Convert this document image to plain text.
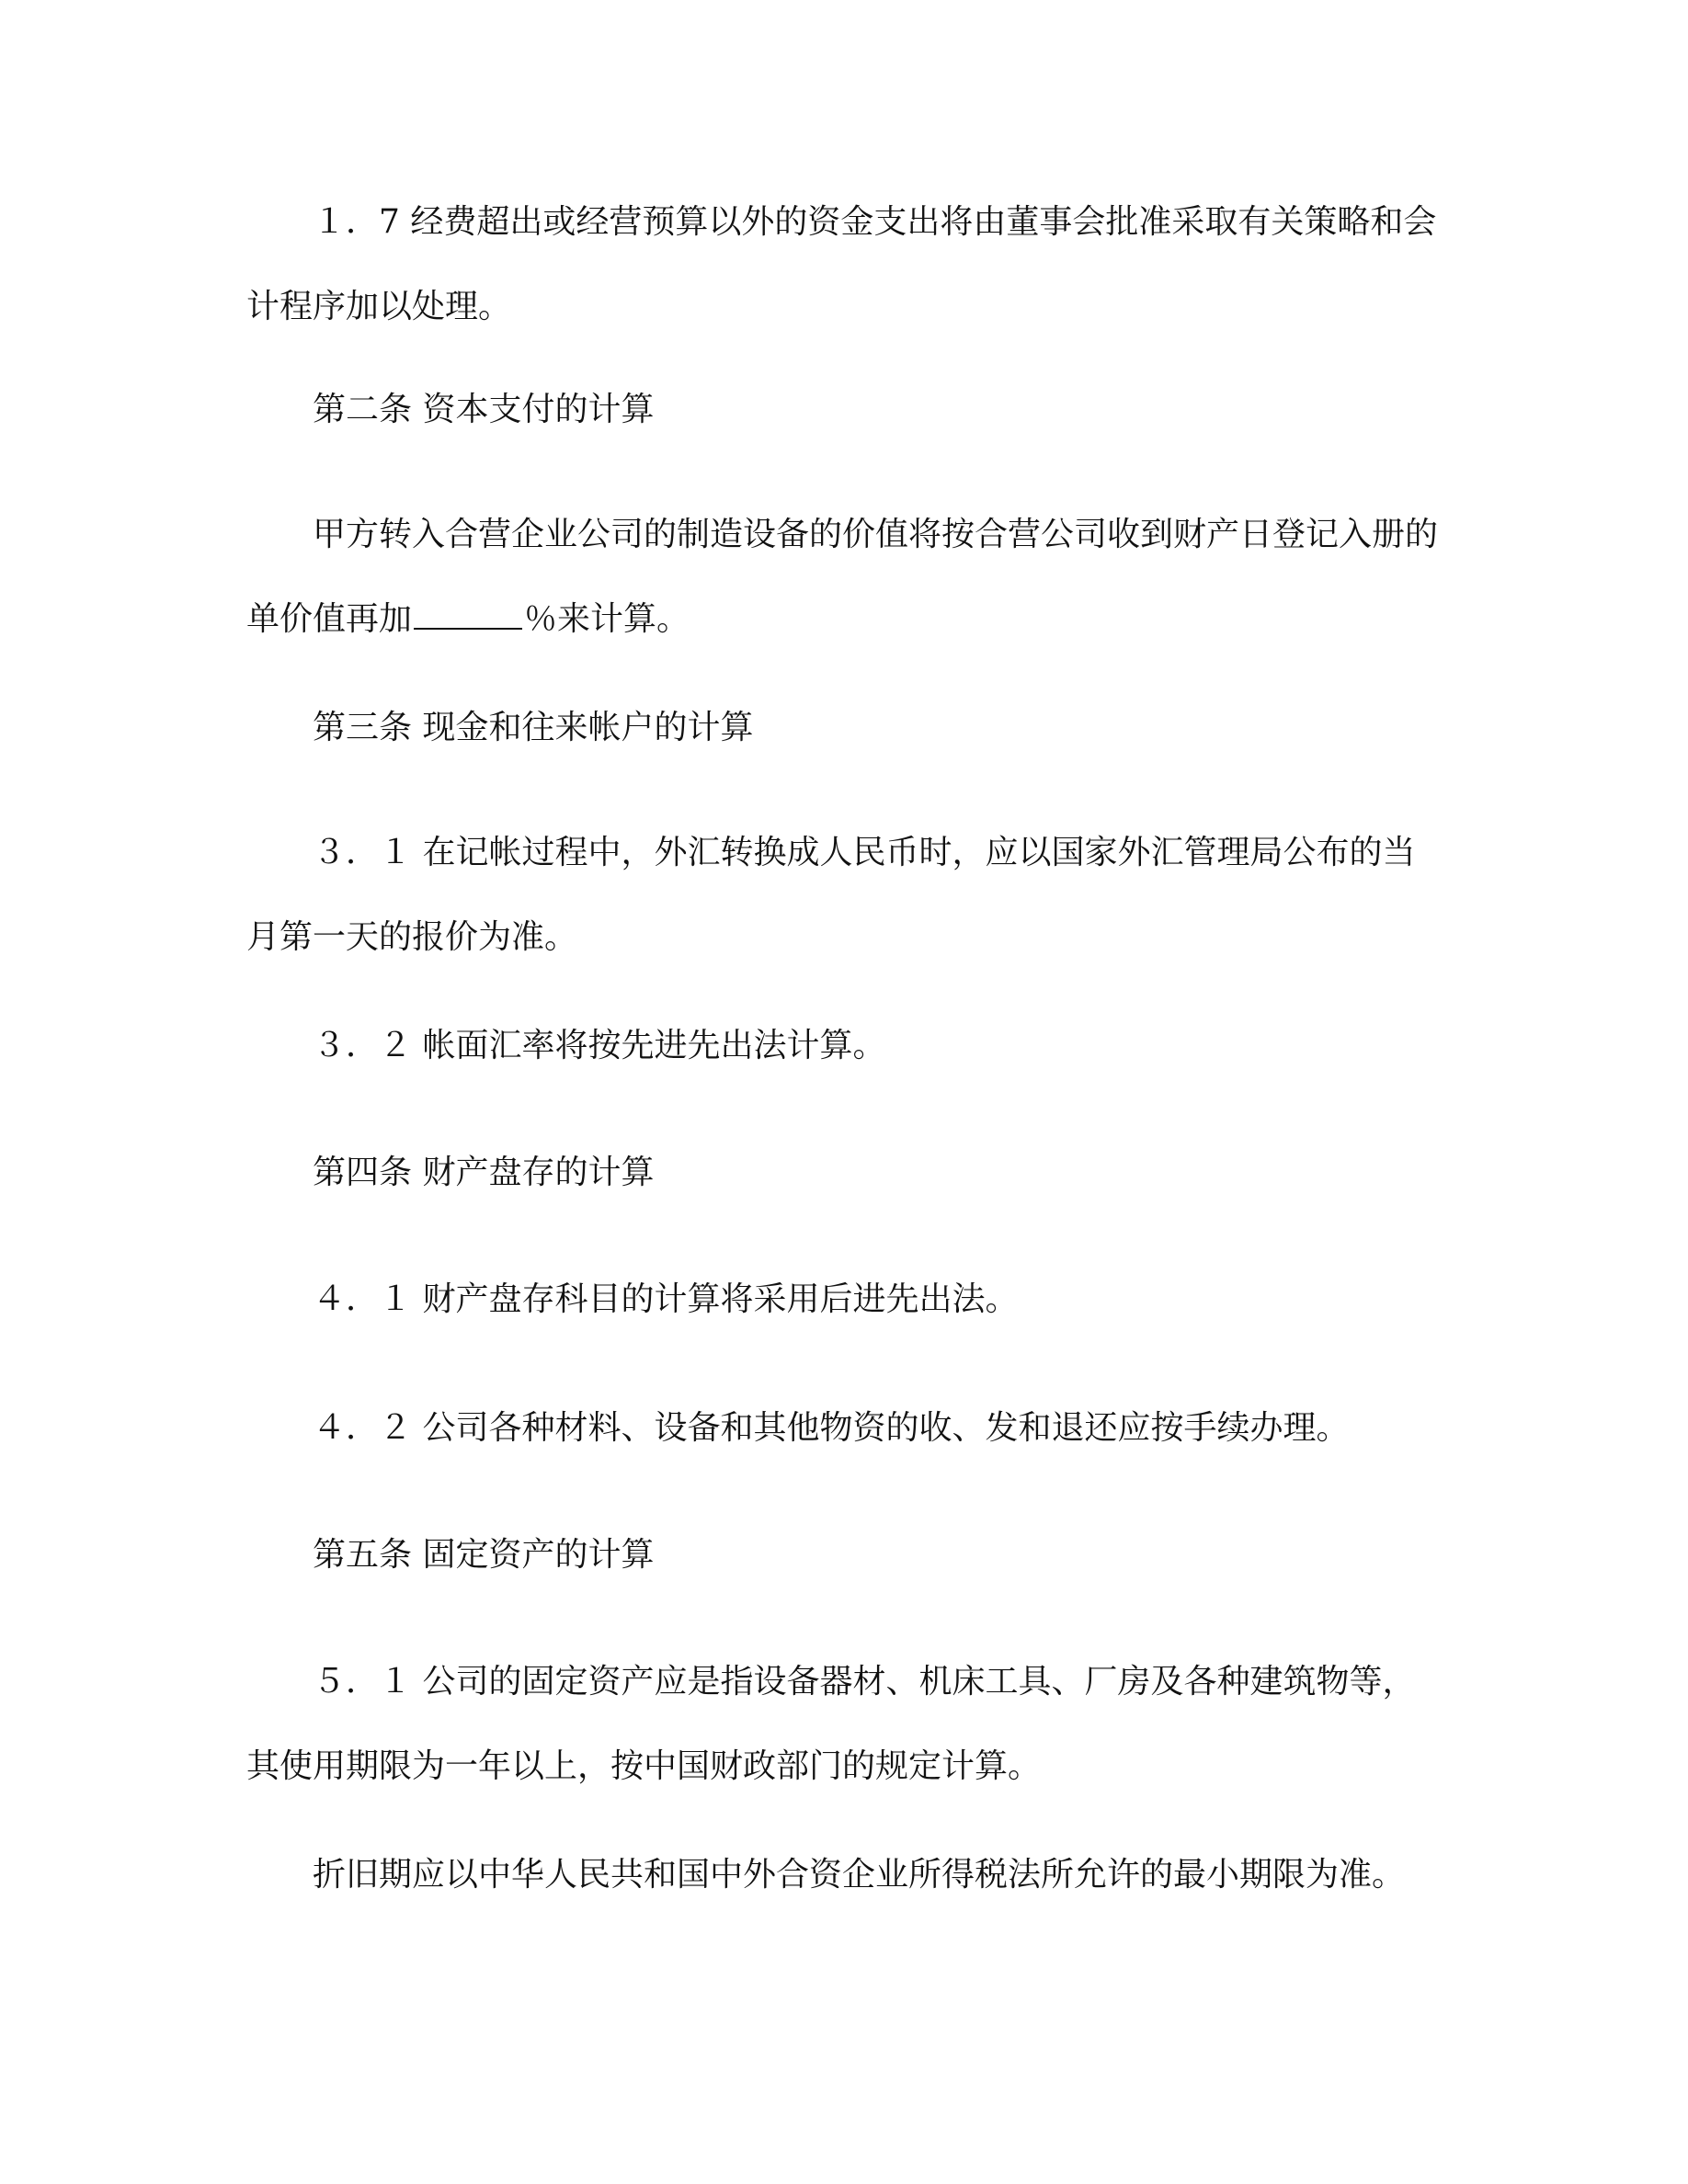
１．7 经费超出或经营预算以外的资金支出将由董事会批准采取有关策略和会计程序加以处理。

第二条 资本支付的计算

甲方转入合营企业公司的制造设备的价值将按合营公司收到财产日登记入册的单价值再加	％来计算。

第三条 现金和往来帐户的计算

３．１ 在记帐过程中，外汇转换成人民币时，应以国家外汇管理局公布的当月第一天的报价为准。

３．２ 帐面汇率将按先进先出法计算。

第四条 财产盘存的计算

４．１ 财产盘存科目的计算将采用后进先出法。

４．２ 公司各种材料、设备和其他物资的收、发和退还应按手续办理。

第五条 固定资产的计算

５．１ 公司的固定资产应是指设备器材、机床工具、厂房及各种建筑物等，其使用期限为一年以上，按中国财政部门的规定计算。

折旧期应以中华人民共和国中外合资企业所得税法所允许的最小期限为准。
